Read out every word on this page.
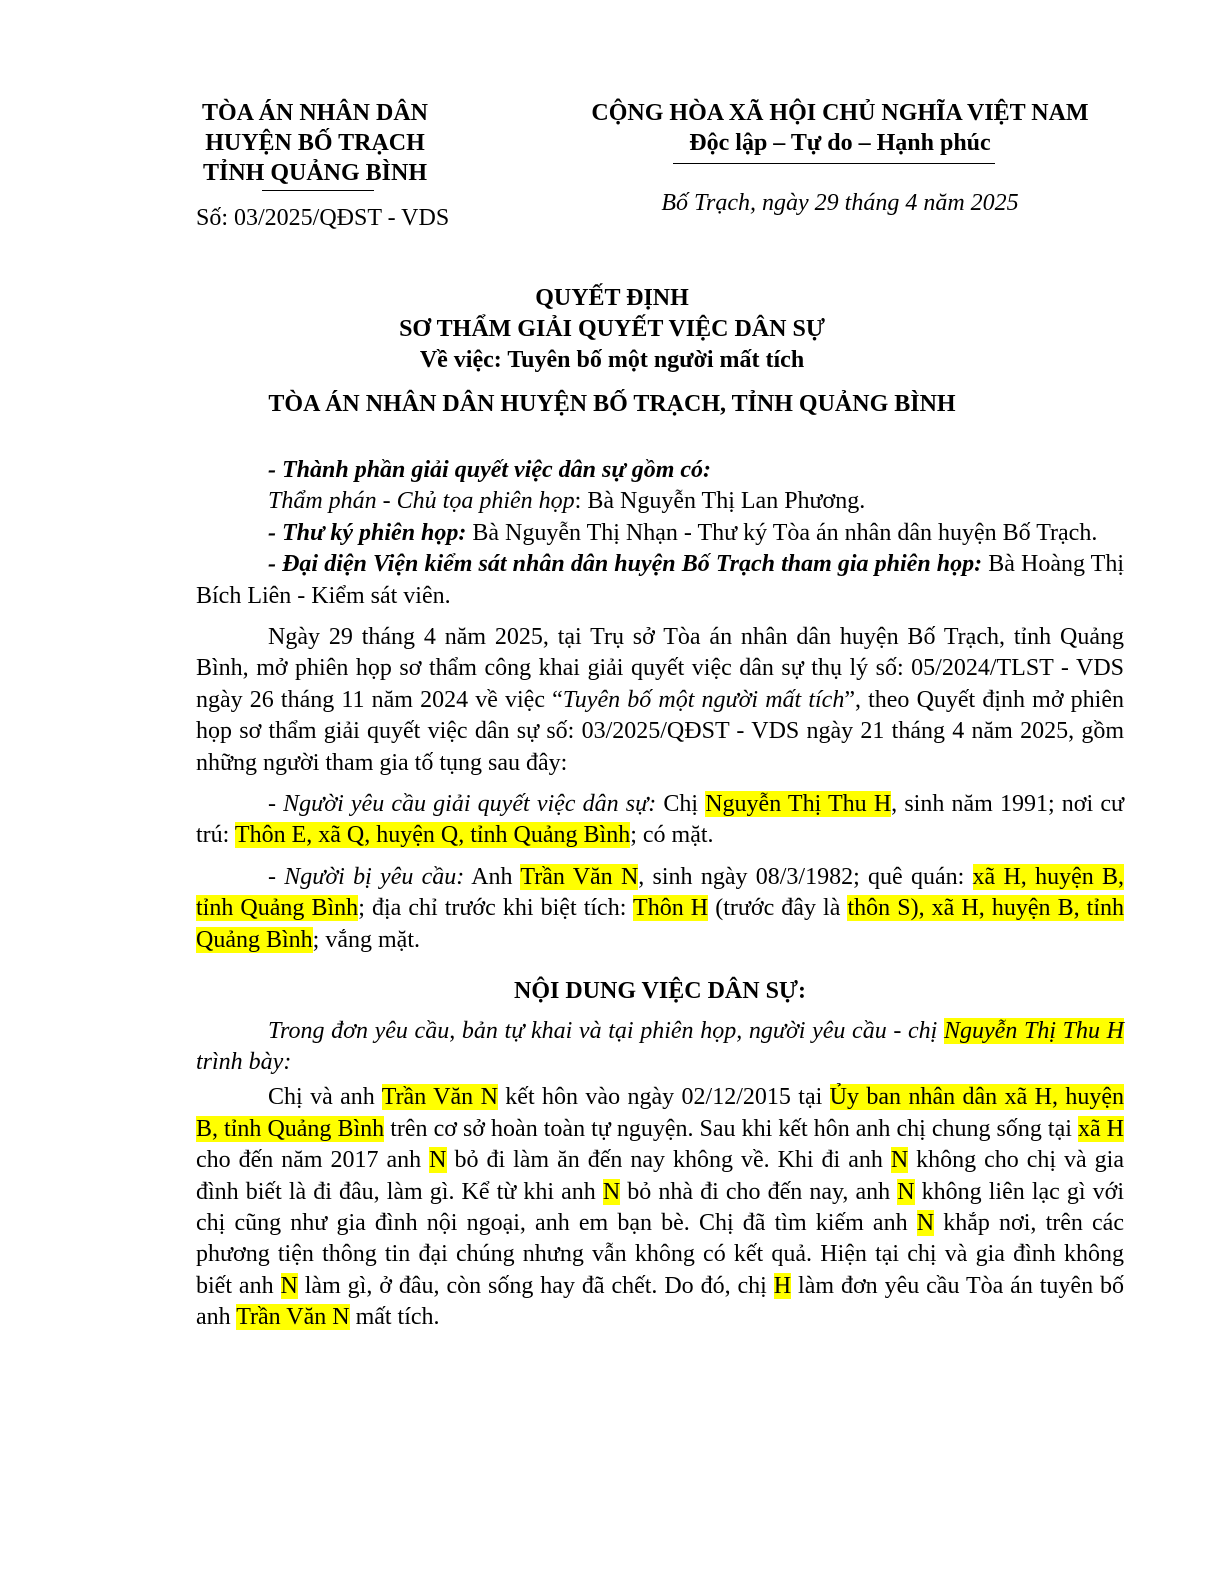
TÒA ÁN NHÂN DÂN
HUYỆN BỐ TRẠCH
TỈNH QUẢNG BÌNH
Số: 03/2025/QĐST - VDS
CỘNG HÒA XÃ HỘI CHỦ NGHĨA VIỆT NAM
Độc lập – Tự do – Hạnh phúc
Bố Trạch, ngày 29 tháng 4 năm 2025
QUYẾT ĐỊNH
SƠ THẨM GIẢI QUYẾT VIỆC DÂN SỰ
Về việc: Tuyên bố một người mất tích
TÒA ÁN NHÂN DÂN HUYỆN BỐ TRẠCH, TỈNH QUẢNG BÌNH

- Thành phần giải quyết việc dân sự gồm có:

Thẩm phán - Chủ tọa phiên họp: Bà Nguyễn Thị Lan Phương.

- Thư ký phiên họp: Bà Nguyễn Thị Nhạn - Thư ký Tòa án nhân dân huyện Bố Trạch.

- Đại diện Viện kiểm sát nhân dân huyện Bố Trạch tham gia phiên họp: Bà Hoàng Thị Bích Liên - Kiểm sát viên.

Ngày 29 tháng 4 năm 2025, tại Trụ sở Tòa án nhân dân huyện Bố Trạch, tỉnh Quảng Bình, mở phiên họp sơ thẩm công khai giải quyết việc dân sự thụ lý số: 05/2024/TLST - VDS ngày 26 tháng 11 năm 2024 về việc “Tuyên bố một người mất tích”, theo Quyết định mở phiên họp sơ thẩm giải quyết việc dân sự số: 03/2025/QĐST - VDS ngày 21 tháng 4 năm 2025, gồm những người tham gia tố tụng sau đây:

- Người yêu cầu giải quyết việc dân sự: Chị Nguyễn Thị Thu H, sinh năm 1991; nơi cư trú: Thôn E, xã Q, huyện Q, tỉnh Quảng Bình; có mặt.

- Người bị yêu cầu: Anh Trần Văn N, sinh ngày 08/3/1982; quê quán: xã H, huyện B, tỉnh Quảng Bình; địa chỉ trước khi biệt tích: Thôn H (trước đây là thôn S), xã H, huyện B, tỉnh Quảng Bình; vắng mặt.

NỘI DUNG VIỆC DÂN SỰ:

Trong đơn yêu cầu, bản tự khai và tại phiên họp, người yêu cầu - chị Nguyễn Thị Thu H trình bày:

Chị và anh Trần Văn N kết hôn vào ngày 02/12/2015 tại Ủy ban nhân dân xã H, huyện B, tỉnh Quảng Bình trên cơ sở hoàn toàn tự nguyện. Sau khi kết hôn anh chị chung sống tại xã H cho đến năm 2017 anh N bỏ đi làm ăn đến nay không về. Khi đi anh N không cho chị và gia đình biết là đi đâu, làm gì. Kể từ khi anh N bỏ nhà đi cho đến nay, anh N không liên lạc gì với chị cũng như gia đình nội ngoại, anh em bạn bè. Chị đã tìm kiếm anh N khắp nơi, trên các phương tiện thông tin đại chúng nhưng vẫn không có kết quả. Hiện tại chị và gia đình không biết anh N làm gì, ở đâu, còn sống hay đã chết. Do đó, chị H làm đơn yêu cầu Tòa án tuyên bố anh Trần Văn N mất tích.
